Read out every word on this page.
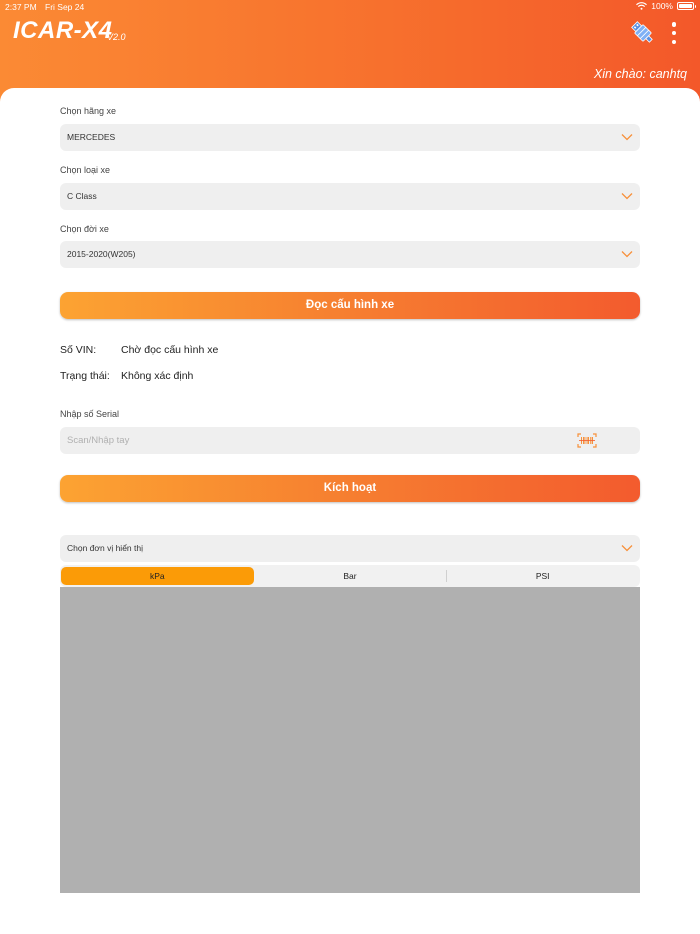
2:37 PM Fri Sep 24	100%
ICAR-X4
V2.0
Xin chào: canhtq
Chọn hãng xe
MERCEDES
Chọn loại xe
C Class
Chọn đời xe
2015-2020(W205)
Đọc cấu hình xe
Số VIN: Chờ đọc cấu hình xe
Trạng thái: Không xác định
Nhập số Serial
Scan/Nhập tay
Kích hoạt
Chọn đơn vị hiển thị
kPa	Bar	PSI
